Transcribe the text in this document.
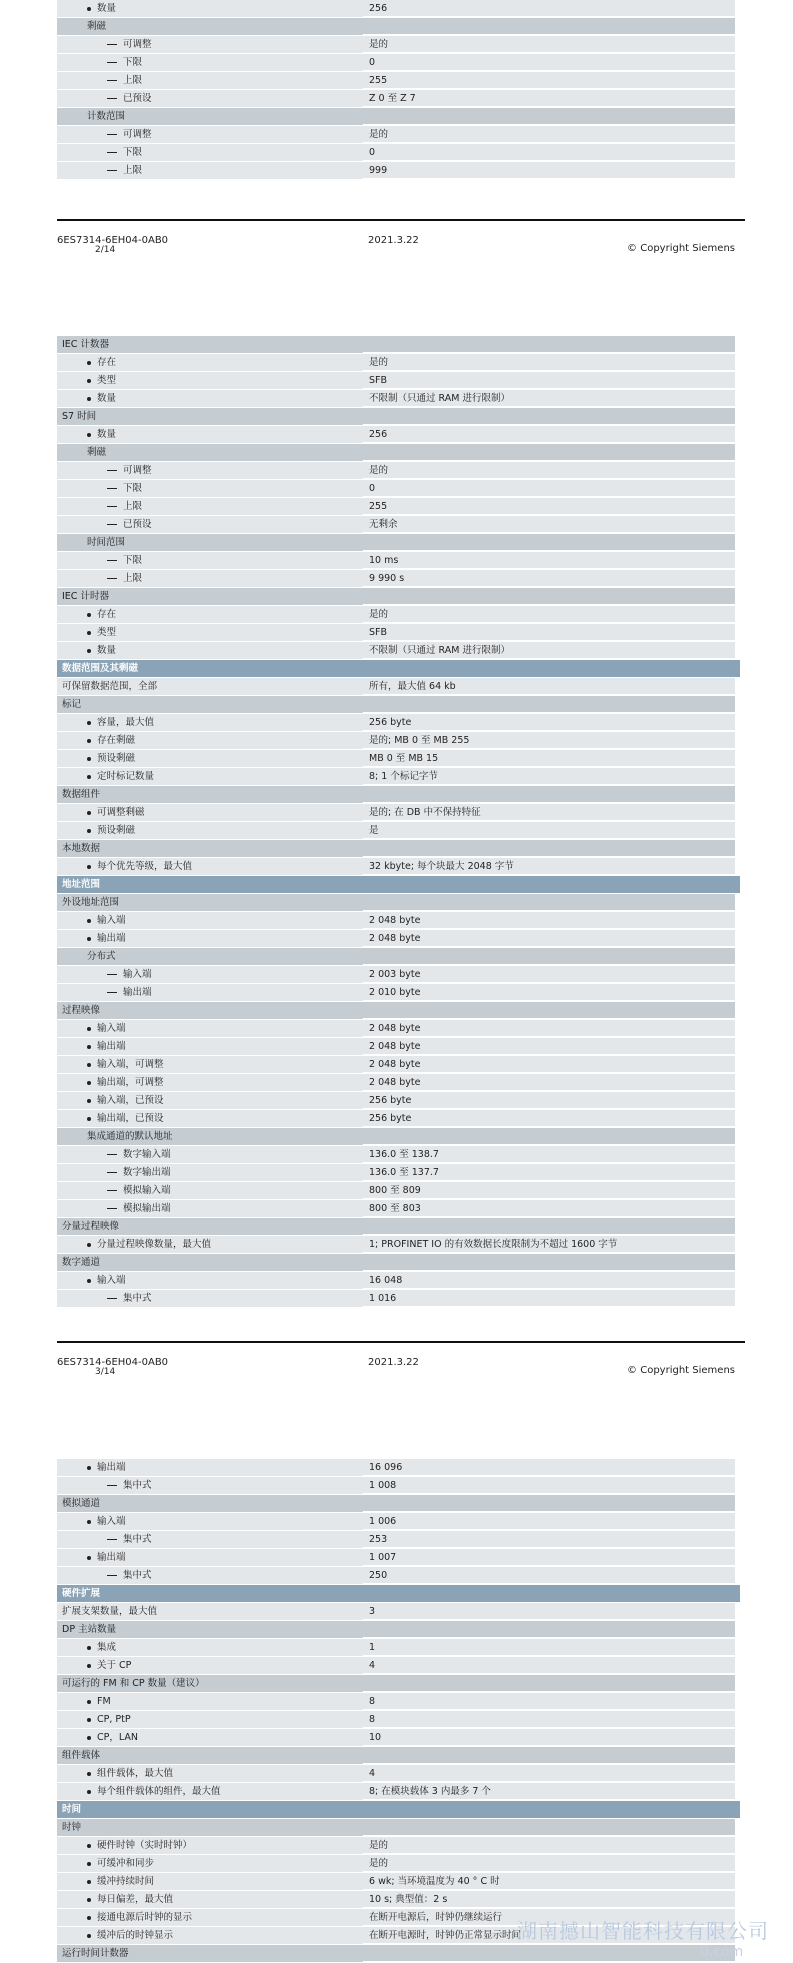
数量	256
剩磁
可调整	是的
下限	0
上限	255
已预设	Z 0 至 Z 7
计数范围
可调整	是的
下限	0
上限	999
6ES7314-6EH04-0AB0
2/14
2021.3.22
© Copyright Siemens
IEC 计数器
存在	是的
类型	SFB
数量	不限制（只通过 RAM 进行限制）
S7 时间
数量	256
剩磁
可调整	是的
下限	0
上限	255
已预设	无剩余
时间范围
下限	10 ms
上限	9 990 s
IEC 计时器
存在	是的
类型	SFB
数量	不限制（只通过 RAM 进行限制）
数据范围及其剩磁
可保留数据范围，全部	所有，最大值 64 kb
标记
容量，最大值	256 byte
存在剩磁	是的; MB 0 至 MB 255
预设剩磁	MB 0 至 MB 15
定时标记数量	8; 1 个标记字节
数据组件
可调整剩磁	是的; 在 DB 中不保持特征
预设剩磁	是
本地数据
每个优先等级，最大值	32 kbyte; 每个块最大 2048 字节
地址范围
外设地址范围
输入端	2 048 byte
输出端	2 048 byte
分布式
输入端	2 003 byte
输出端	2 010 byte
过程映像
输入端	2 048 byte
输出端	2 048 byte
输入端，可调整	2 048 byte
输出端，可调整	2 048 byte
输入端，已预设	256 byte
输出端，已预设	256 byte
集成通道的默认地址
数字输入端	136.0 至 138.7
数字输出端	136.0 至 137.7
模拟输入端	800 至 809
模拟输出端	800 至 803
分量过程映像
分量过程映像数量，最大值	1; PROFINET IO 的有效数据长度限制为不超过 1600 字节
数字通道
输入端	16 048
集中式	1 016
6ES7314-6EH04-0AB0
3/14
2021.3.22
© Copyright Siemens
输出端	16 096
集中式	1 008
模拟通道
输入端	1 006
集中式	253
输出端	1 007
集中式	250
硬件扩展
扩展支架数量，最大值	3
DP 主站数量
集成	1
关于 CP	4
可运行的 FM 和 CP 数量（建议）
FM	8
CP, PtP	8
CP，LAN	10
组件载体
组件载体，最大值	4
每个组件载体的组件，最大值	8; 在模块载体 3 内最多 7 个
时间
时钟
硬件时钟（实时时钟）	是的
可缓冲和同步	是的
缓冲持续时间	6 wk; 当环境温度为 40 ° C 时
每日偏差，最大值	10 s; 典型值：2 s
接通电源后时钟的显示	在断开电源后，时钟仍继续运行
缓冲后的时钟显示	在断开电源时，时钟仍正常显示时间
运行时间计数器
湖南撼山智能科技有限公司
0.com
